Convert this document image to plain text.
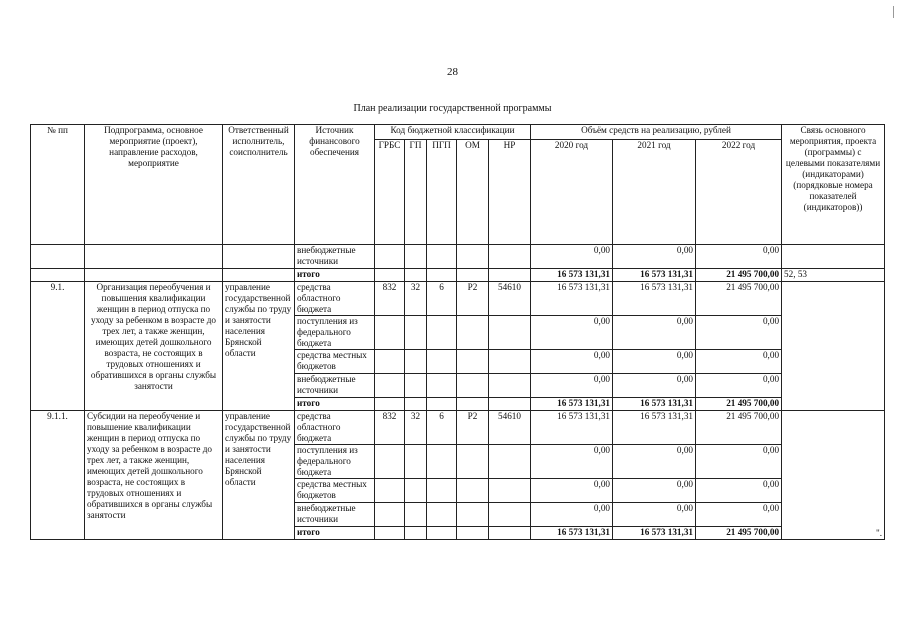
28
План реализации государственной программы
№ пп	Подпрограмма, основное мероприятие (проект), направление расходов, мероприятие	Ответственный исполнитель, соисполнитель	Источник финансового обеспечения	Код бюджетной классификации					Объём средств на реализацию, рублей			Связь основного мероприятия, проекта (программы) с целевыми показателями (индикаторами) (порядковые номера показателей (индикаторов))
				ГРБС	ГП	ПГП	ОМ	НР	2020 год	2021 год	2022 год	
			внебюджетные источники						0,00	0,00	0,00	
			итого						16 573 131,31	16 573 131,31	21 495 700,00	52, 53
9.1.	Организация переобучения и повышения квалификации женщин в период отпуска по уходу за ребенком в возрасте до трех лет, а также женщин, имеющих детей дошкольного возраста, не состоящих в трудовых отношениях и обратившихся в органы службы занятости	управление государственной службы по труду и занятости населения Брянской области	средства областного бюджета	832	32	6	Р2	54610	16 573 131,31	16 573 131,31	21 495 700,00	
			поступления из федерального бюджета						0,00	0,00	0,00	
			средства местных бюджетов						0,00	0,00	0,00	
			внебюджетные источники						0,00	0,00	0,00	
			итого						16 573 131,31	16 573 131,31	21 495 700,00	
9.1.1.	Субсидии на переобучение и повышение квалификации женщин в период отпуска по уходу за ребенком в возрасте до трех лет, а также женщин, имеющих детей дошкольного возраста, не состоящих в трудовых отношениях и обратившихся в органы службы занятости	управление государственной службы по труду и занятости населения Брянской области	средства областного бюджета	832	32	6	Р2	54610	16 573 131,31	16 573 131,31	21 495 700,00	".
			поступления из федерального бюджета						0,00	0,00	0,00	
			средства местных бюджетов						0,00	0,00	0,00	
			внебюджетные источники						0,00	0,00	0,00	
			итого						16 573 131,31	16 573 131,31	21 495 700,00	
